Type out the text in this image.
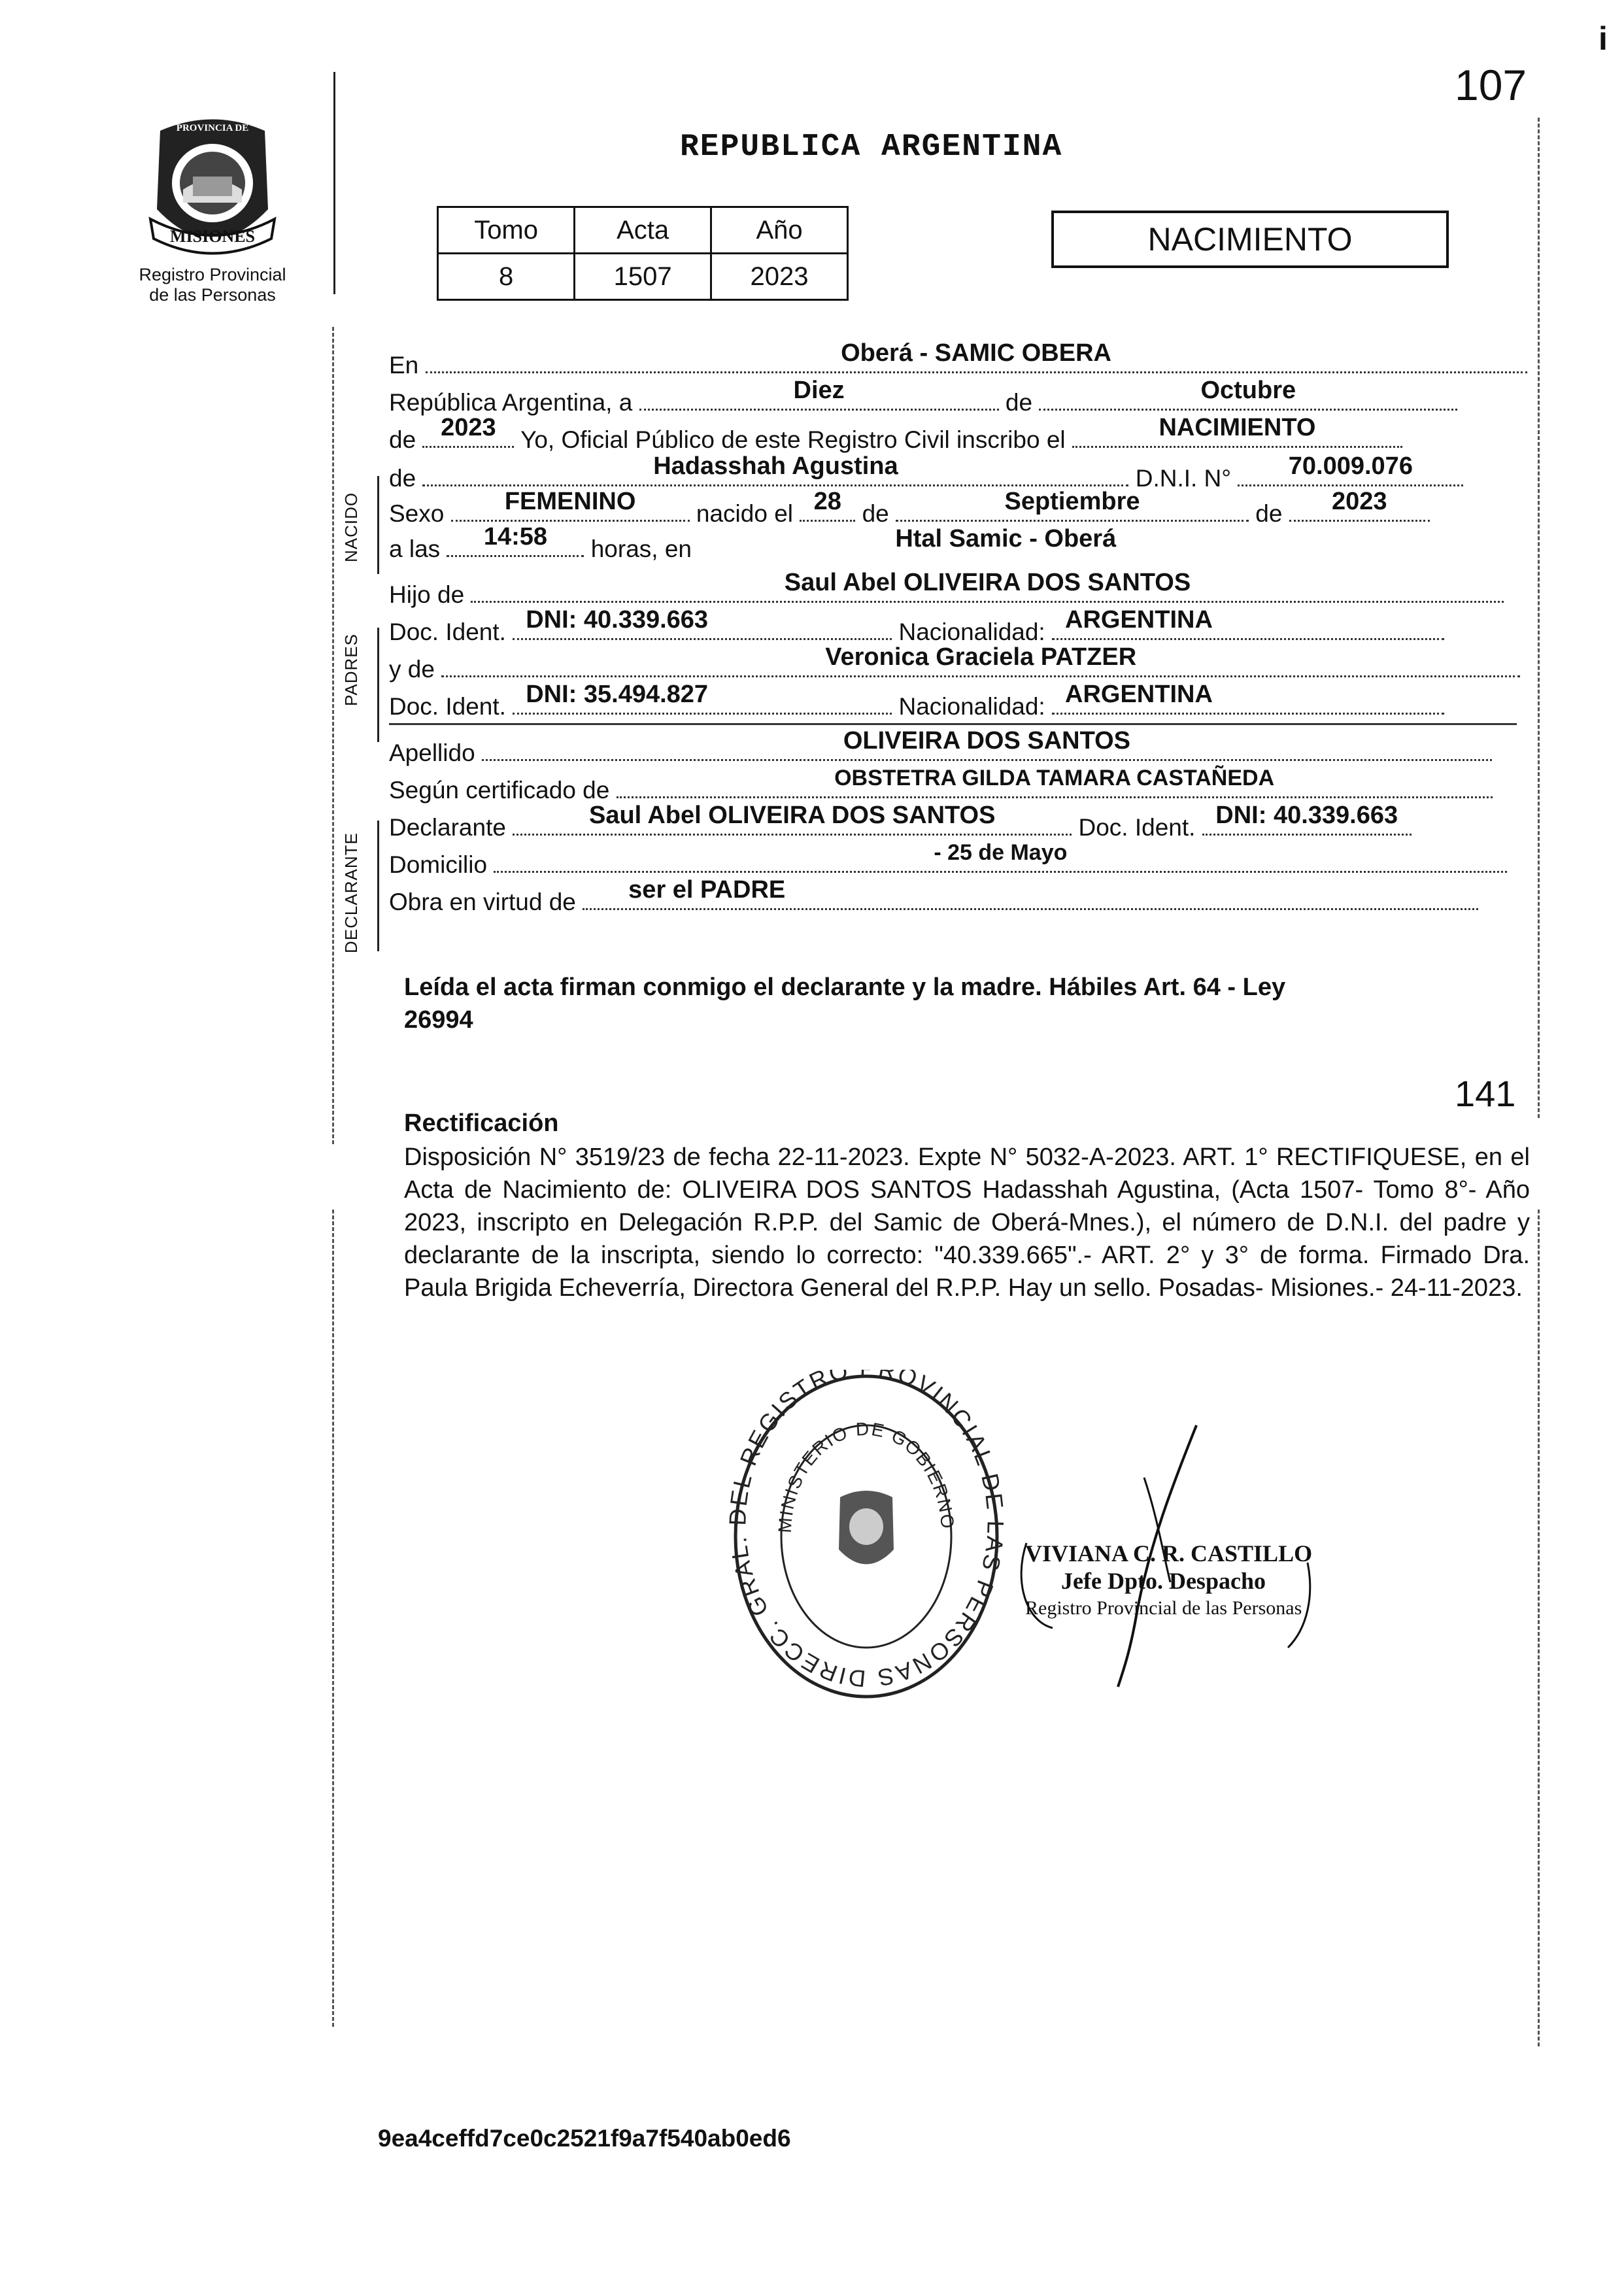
107
i
MISIONES
PROVINCIA DE
Registro Provincial
de las Personas
REPUBLICA ARGENTINA
Tomo	Acta	Año
8	1507	2023
NACIMIENTO
NACIDO
PADRES
DECLARANTE
En	Oberá - SAMIC OBERA
República Argentina, a	Diez	de	Octubre
de	2023	Yo, Oficial Público de este Registro Civil inscribo el	NACIMIENTO
de	Hadasshah Agustina	D.N.I. N°	70.009.076
Sexo	FEMENINO	nacido el 28 de	Septiembre	de	2023
a las	14:58	horas, en	Htal Samic - Oberá
Hijo de	Saul Abel OLIVEIRA DOS SANTOS
Doc. Ident. DNI: 40.339.663	Nacionalidad: ARGENTINA
y de	Veronica Graciela PATZER
Doc. Ident. DNI: 35.494.827	Nacionalidad: ARGENTINA
Apellido	OLIVEIRA DOS SANTOS
Según certificado de	OBSTETRA GILDA TAMARA CASTAÑEDA
Declarante	Saul Abel OLIVEIRA DOS SANTOS	Doc. Ident. DNI: 40.339.663
Domicilio	- 25 de Mayo
Obra en virtud de	ser el PADRE
Leída el acta firman conmigo el declarante y la madre. Hábiles Art. 64 - Ley
26994
141
Rectificación
Disposición N° 3519/23 de fecha 22-11-2023. Expte N° 5032-A-2023. ART. 1° RECTIFIQUESE, en el Acta de Nacimiento de: OLIVEIRA DOS SANTOS Hadasshah Agustina, (Acta 1507- Tomo 8°- Año 2023, inscripto en Delegación R.P.P. del Samic de Oberá-Mnes.), el número de D.N.I. del padre y declarante de la inscripta, siendo lo correcto: "40.339.665".- ART. 2° y 3° de forma. Firmado Dra. Paula Brigida Echeverría, Directora General del R.P.P. Hay un sello. Posadas- Misiones.- 24-11-2023.
DIRECC. GRA L REGISTRO ROVINCIAL D S PERSONAS
MINISTERIO DE GOBIERNO
VIVIANA C. R. CASTILLO
Jefe Dpto. Despacho
Registro Provincial de las Personas
9ea4ceffd7ce0c2521f9a7f540ab0ed6
